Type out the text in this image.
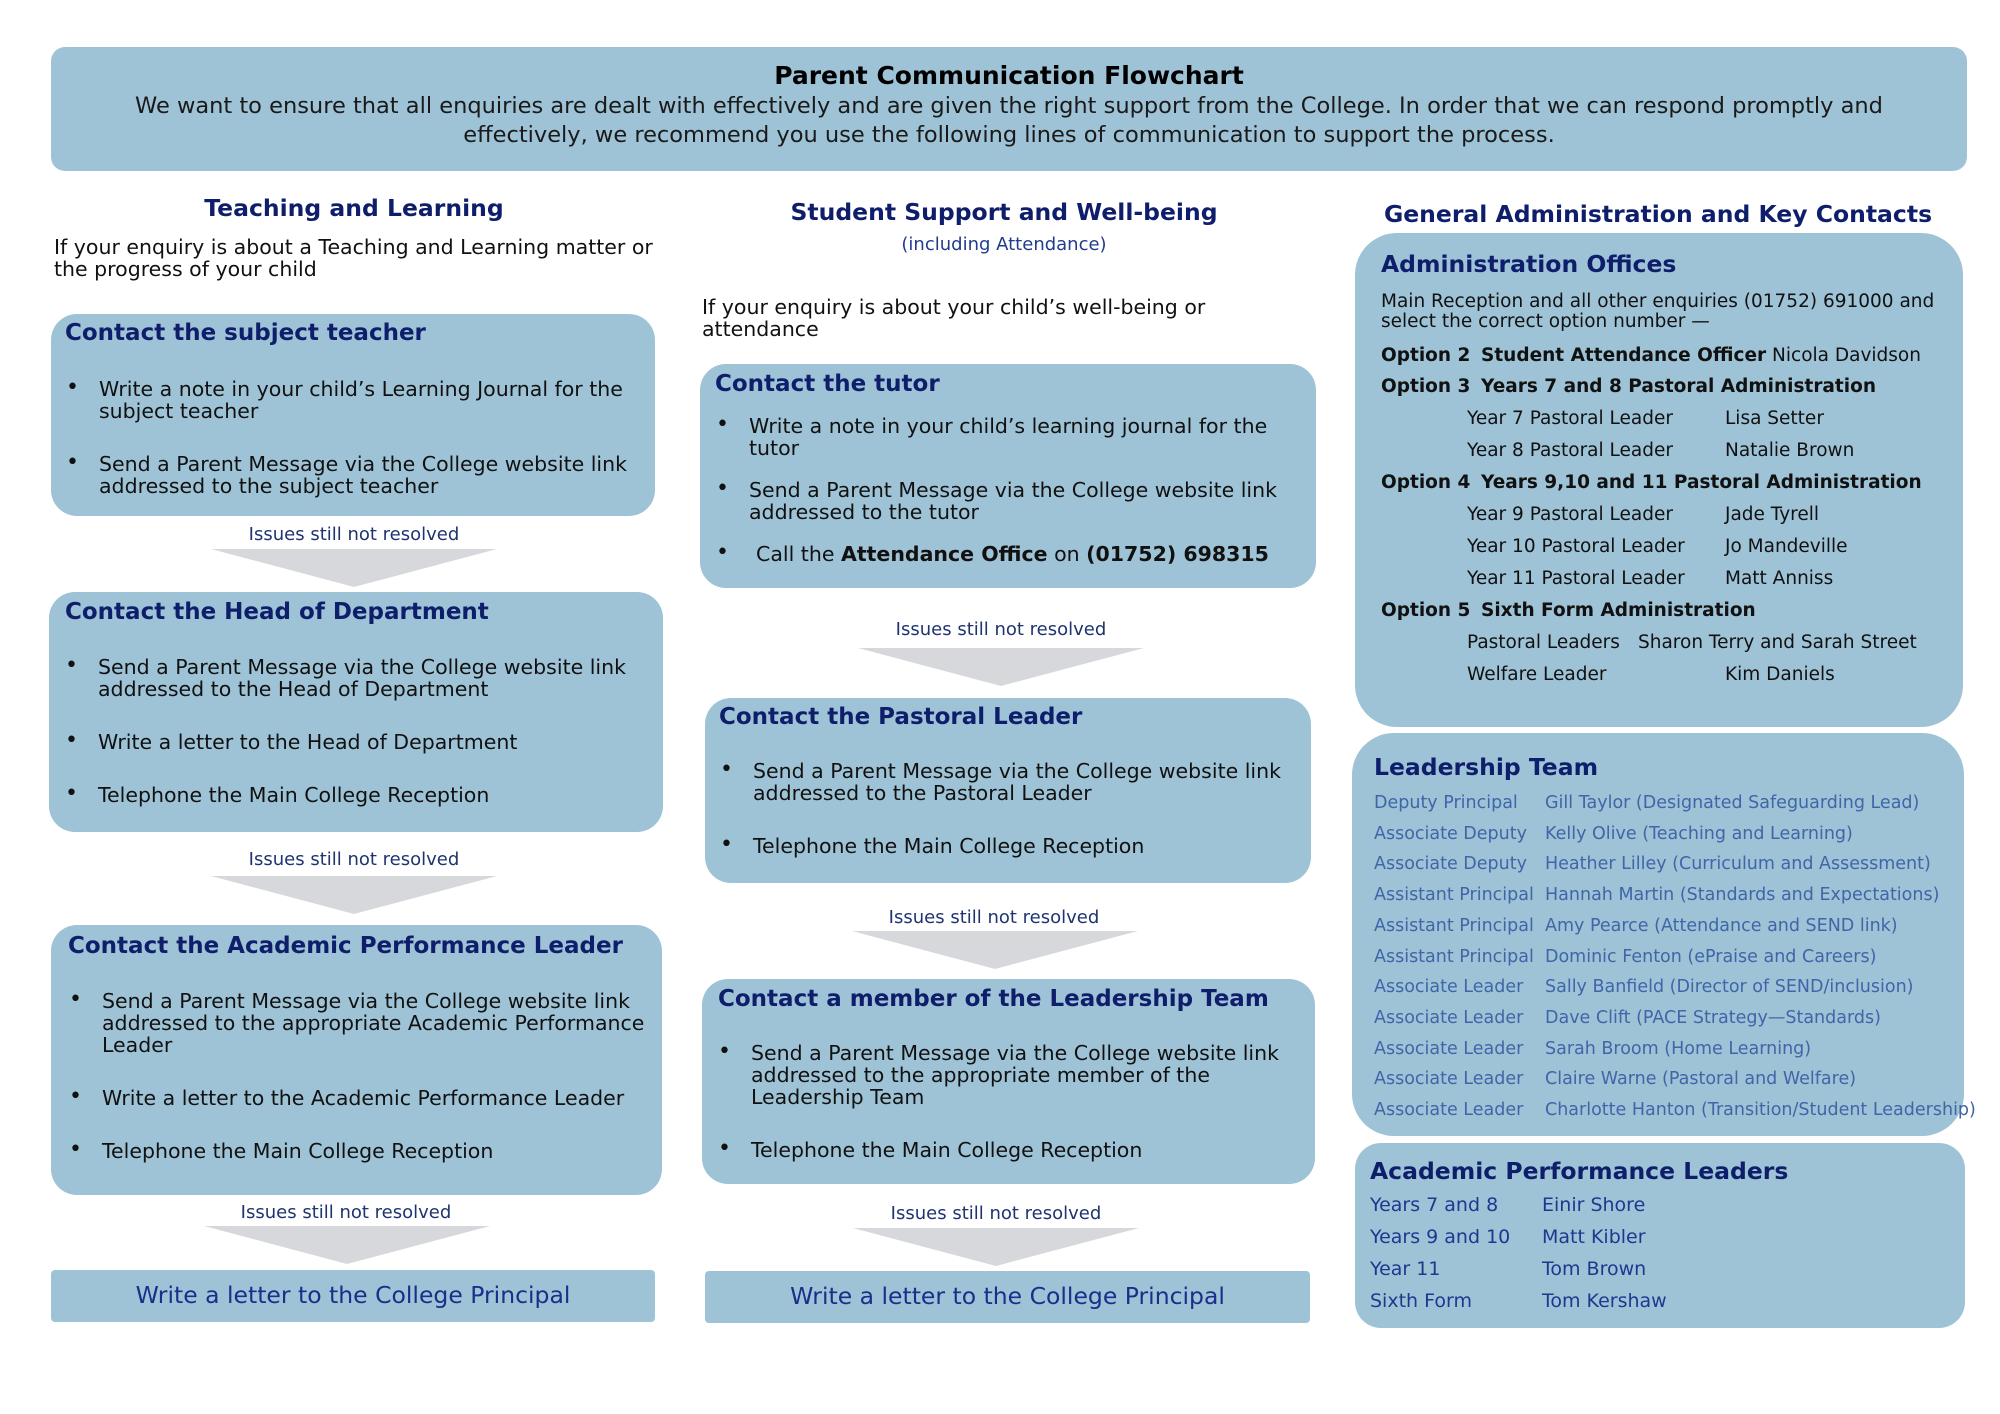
Parent Communication Flowchart
We want to ensure that all enquiries are dealt with effectively and are given the right support from the College. In order that we can respond promptly and effectively, we recommend you use the following lines of communication to support the process.
Teaching and Learning
If your enquiry is about a Teaching and Learning matter or the progress of your child
Contact the subject teacher
• Write a note in your child’s Learning Journal for the subject teacher
• Send a Parent Message via the College website link addressed to the subject teacher
Issues still not resolved
Contact the Head of Department
• Send a Parent Message via the College website link addressed to the Head of Department
• Write a letter to the Head of Department
• Telephone the Main College Reception
Issues still not resolved
Contact the Academic Performance Leader
• Send a Parent Message via the College website link addressed to the appropriate Academic Performance Leader
• Write a letter to the Academic Performance Leader
• Telephone the Main College Reception
Issues still not resolved
Write a letter to the College Principal
Student Support and Well-being
(including Attendance)
If your enquiry is about your child’s well-being or attendance
Contact the tutor
• Write a note in your child’s learning journal for the tutor
• Send a Parent Message via the College website link addressed to the tutor
• Call the Attendance Office on (01752) 698315
Issues still not resolved
Contact the Pastoral Leader
• Send a Parent Message via the College website link addressed to the Pastoral Leader
• Telephone the Main College Reception
Issues still not resolved
Contact a member of the Leadership Team
• Send a Parent Message via the College website link addressed to the appropriate member of the Leadership Team
• Telephone the Main College Reception
Issues still not resolved
Write a letter to the College Principal
General Administration and Key Contacts
Administration Offices
Main Reception and all other enquiries (01752) 691000 and select the correct option number —
Option 2 Student Attendance Officer Nicola Davidson
Option 3 Years 7 and 8 Pastoral Administration
Year 7 Pastoral Leader	Lisa Setter
Year 8 Pastoral Leader	Natalie Brown
Option 4 Years 9,10 and 11 Pastoral Administration
Year 9 Pastoral Leader	Jade Tyrell
Year 10 Pastoral Leader Jo Mandeville
Year 11 Pastoral Leader Matt Anniss
Option 5 Sixth Form Administration
Pastoral Leaders Sharon Terry and Sarah Street
Welfare Leader	Kim Daniels
Leadership Team
Deputy Principal Gill Taylor (Designated Safeguarding Lead)
Associate Deputy Kelly Olive (Teaching and Learning)
Associate Deputy Heather Lilley (Curriculum and Assessment)
Assistant Principal Hannah Martin (Standards and Expectations)
Assistant Principal Amy Pearce (Attendance and SEND link)
Assistant Principal Dominic Fenton (ePraise and Careers)
Associate Leader Sally Banfield (Director of SEND/inclusion)
Associate Leader Dave Clift (PACE Strategy—Standards)
Associate Leader Sarah Broom (Home Learning)
Associate Leader Claire Warne (Pastoral and Welfare)
Associate Leader Charlotte Hanton (Transition/Student Leadership)
Academic Performance Leaders
Years 7 and 8 Einir Shore
Years 9 and 10 Matt Kibler
Year 11	Tom Brown
Sixth Form	Tom Kershaw
